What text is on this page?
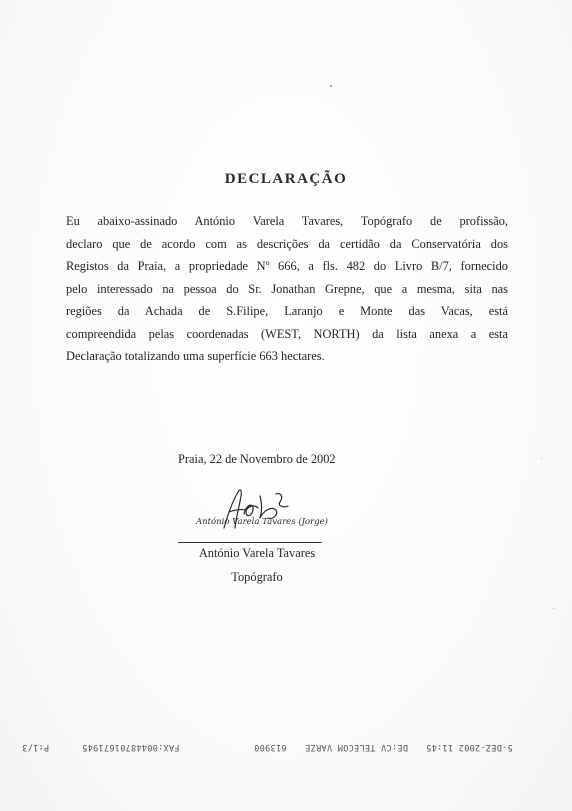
DECLARAÇÃO
Eu abaixo-assinado António Varela Tavares, Topógrafo de profissão,
declaro que de acordo com as descrições da certidão da Conservatória dos
Registos da Praia, a propriedade Nº 666, a fls. 482 do Livro B/7, fornecido
pelo interessado na pessoa do Sr. Jonathan Grepne, que a mesma, sita nas
regiões da Achada de S.Filipe, Laranjo e Monte das Vacas, está
compreendida pelas coordenadas (WEST, NORTH) da lista anexa a esta
Declaração totalizando uma superfície 663 hectares.
Praia, 22 de Novembro de 2002
António Varela Tavares (Jorge)
António Varela Tavares
Topógrafo
P:1/3	FAX:00448701671945	613900 DE:CV TELECOM VARZE 5-DEZ-2002 11:45
